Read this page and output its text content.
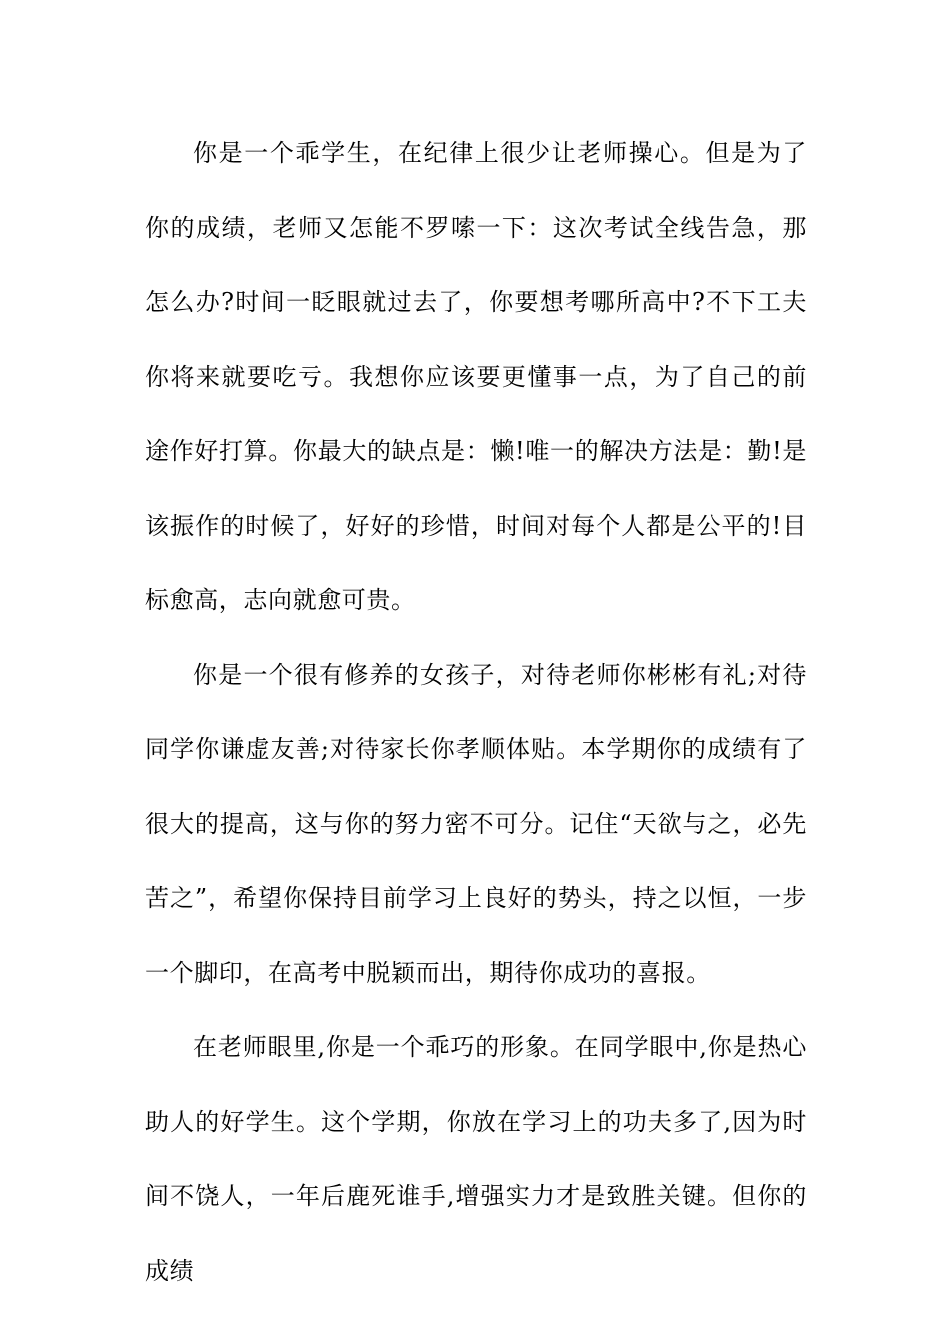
你是一个乖学生，在纪律上很少让老师操心。但是为了你的成绩，老师又怎能不罗嗦一下：这次考试全线告急，那怎么办?时间一眨眼就过去了，你要想考哪所高中?不下工夫你将来就要吃亏。我想你应该要更懂事一点，为了自己的前途作好打算。你最大的缺点是：懒!唯一的解决方法是：勤!是该振作的时候了，好好的珍惜，时间对每个人都是公平的!目标愈高，志向就愈可贵。

你是一个很有修养的女孩子，对待老师你彬彬有礼;对待同学你谦虚友善;对待家长你孝顺体贴。本学期你的成绩有了很大的提高，这与你的努力密不可分。记住“天欲与之，必先苦之”，希望你保持目前学习上良好的势头，持之以恒，一步一个脚印，在高考中脱颖而出，期待你成功的喜报。

在老师眼里,你是一个乖巧的形象。在同学眼中,你是热心助人的好学生。这个学期，你放在学习上的功夫多了,因为时间不饶人，一年后鹿死谁手,增强实力才是致胜关键。但你的成绩
